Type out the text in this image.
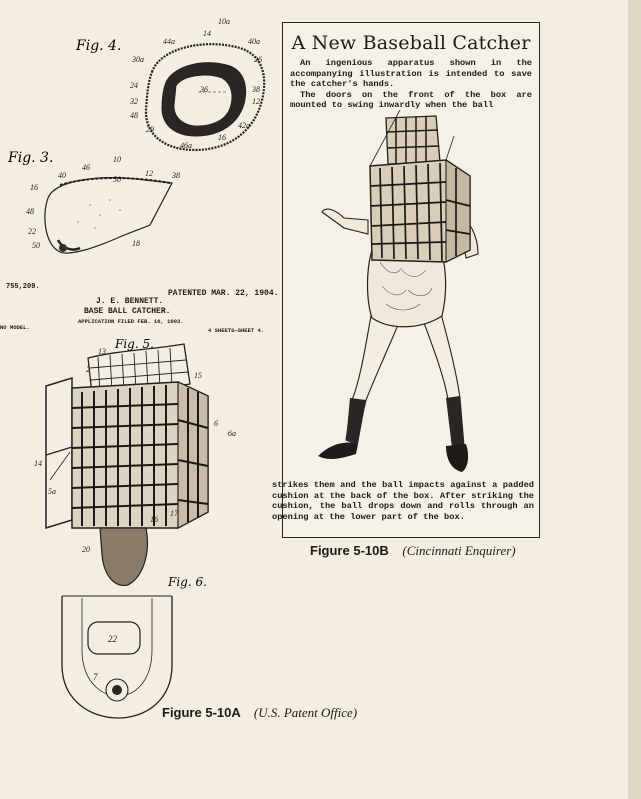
Fig. 4.
10a
14
44a	40a
30a	26
36
32
24	38
12
48
29
46a
16
42a
Fig. 3.
40
46
10
50
12 38
16
48
22
50	18
755,209.
PATENTED MAR. 22, 1904.
J. E. BENNETT.
BASE BALL CATCHER.
APPLICATION FILED FEB. 16, 1903.
NO MODEL.	4 SHEETS—SHEET 4.
Fig. 5.
13
2
15
6
6a
14
5a
20
16
17
Fig. 6.
22
7
A New Baseball Catcher

An ingenious apparatus shown in the accompanying illustration is intended to save the catcher's hands.

The doors on the front of the box are mounted to swing inwardly when the ball

strikes them and the ball impacts against a padded cushion at the back of the box. After striking the cushion, the ball drops down and rolls through an opening at the lower part of the box.
Figure 5-10B (Cincinnati Enquirer)
Figure 5-10A (U.S. Patent Office)
